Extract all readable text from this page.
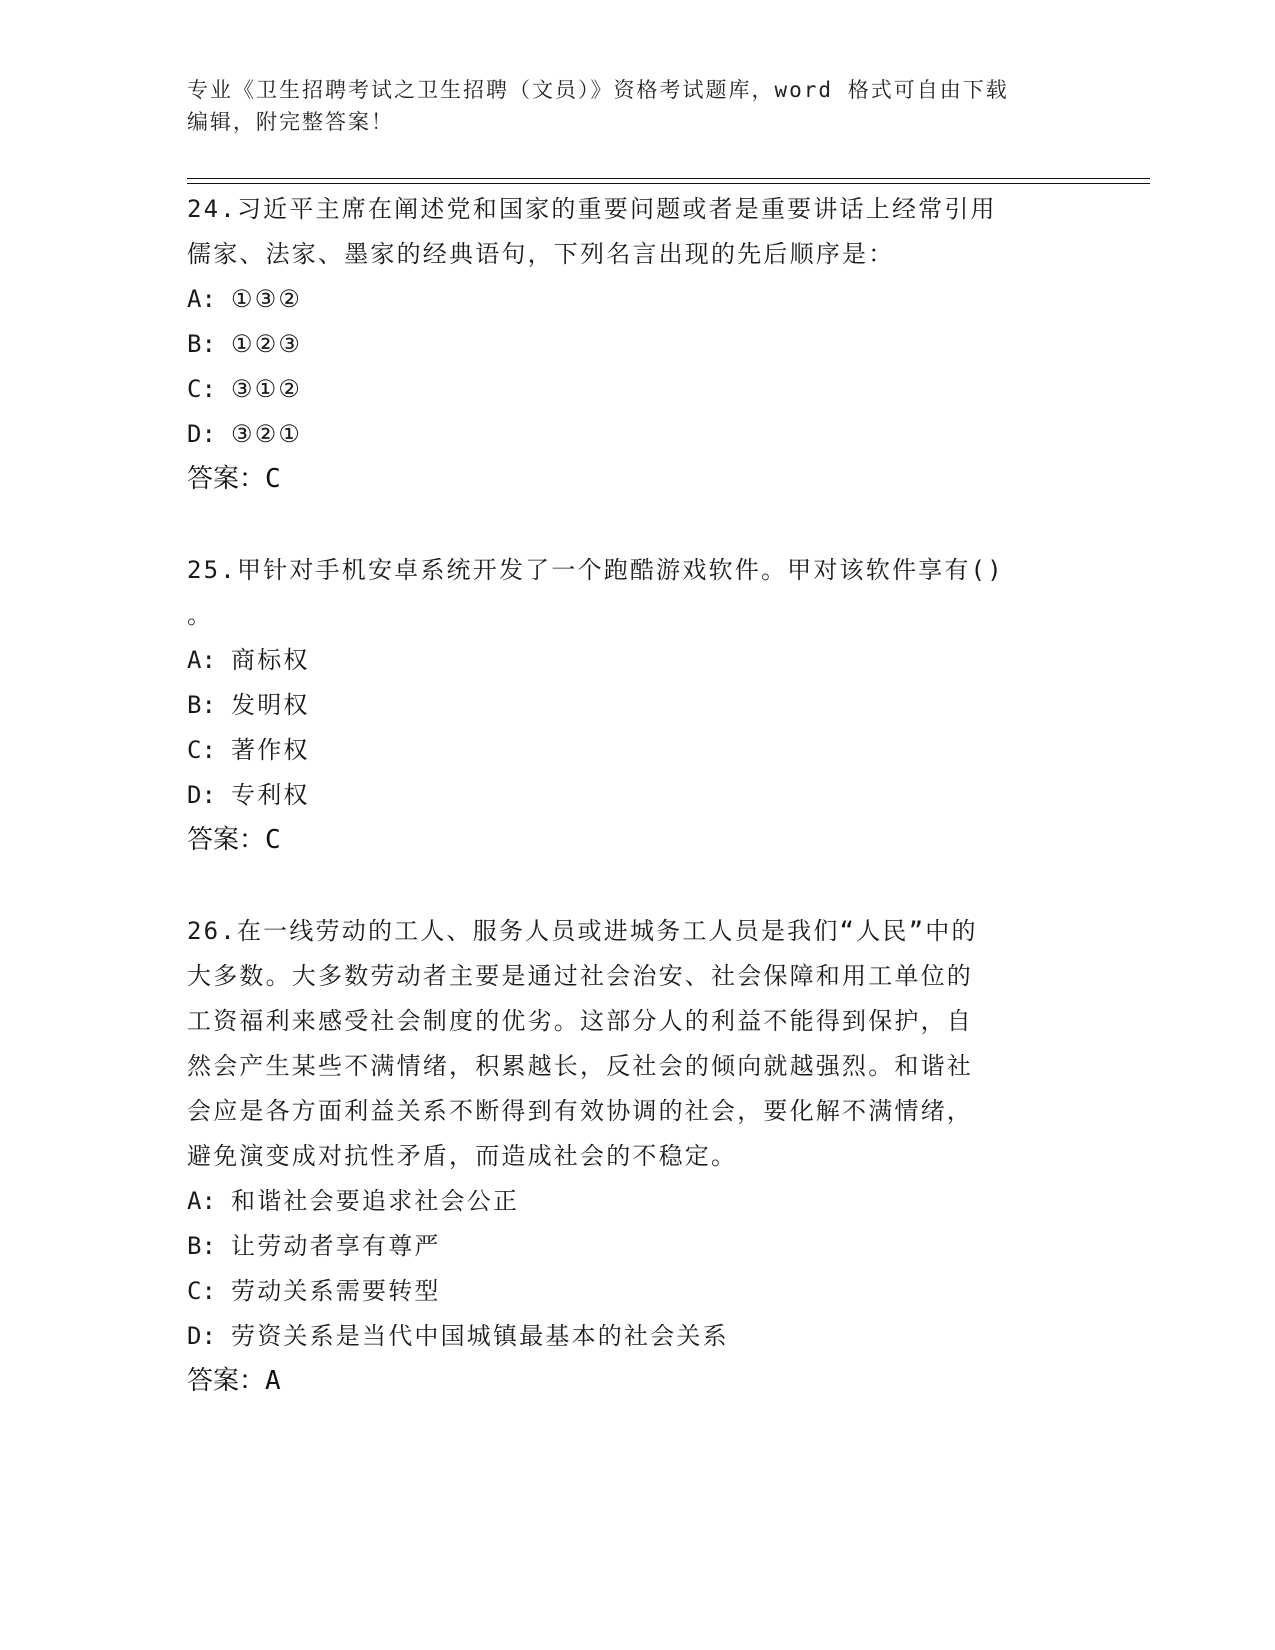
专业《卫生招聘考试之卫生招聘（文员）》资格考试题库，word 格式可自由下载

编辑，附完整答案！

24.习近平主席在阐述党和国家的重要问题或者是重要讲话上经常引用

儒家、法家、墨家的经典语句，下列名言出现的先后顺序是：

A: ①③②
B: ①②③
C: ③①②
D: ③②①

答案：C

25.甲针对手机安卓系统开发了一个跑酷游戏软件。甲对该软件享有()

。

A: 商标权
B: 发明权
C: 著作权
D: 专利权

答案：C

26.在一线劳动的工人、服务人员或进城务工人员是我们“人民”中的

大多数。大多数劳动者主要是通过社会治安、社会保障和用工单位的

工资福利来感受社会制度的优劣。这部分人的利益不能得到保护，自

然会产生某些不满情绪，积累越长，反社会的倾向就越强烈。和谐社

会应是各方面利益关系不断得到有效协调的社会，要化解不满情绪，

避免演变成对抗性矛盾，而造成社会的不稳定。

A: 和谐社会要追求社会公正
B: 让劳动者享有尊严
C: 劳动关系需要转型
D: 劳资关系是当代中国城镇最基本的社会关系

答案：A
